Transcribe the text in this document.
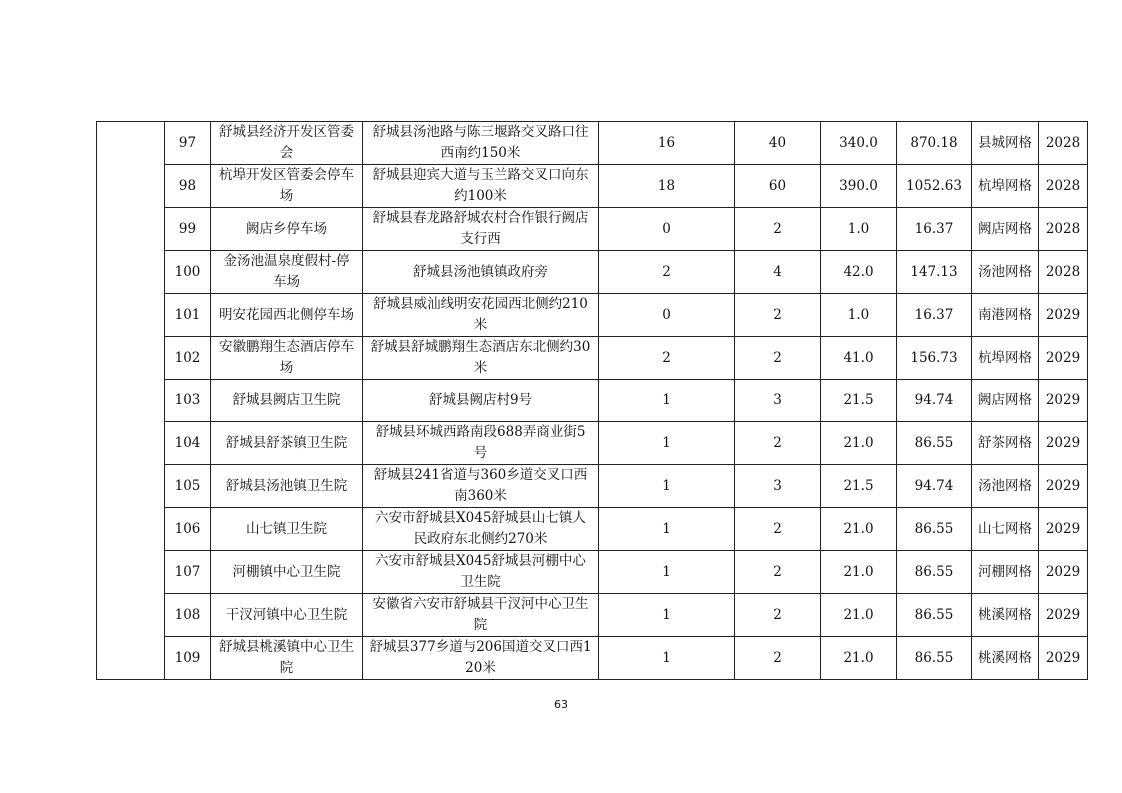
	97	舒城县经济开发区管委会	舒城县汤池路与陈三堰路交叉路口往西南约150米	16	40	340.0	870.18	县城网格	2028
	98	杭埠开发区管委会停车场	舒城县迎宾大道与玉兰路交叉口向东约100米	18	60	390.0	1052.63	杭埠网格	2028
	99	阙店乡停车场	舒城县春龙路舒城农村合作银行阙店支行西	0	2	1.0	16.37	阙店网格	2028
	100	金汤池温泉度假村-停车场	舒城县汤池镇镇政府旁	2	4	42.0	147.13	汤池网格	2028
	101	明安花园西北侧停车场	舒城县威汕线明安花园西北侧约210米	0	2	1.0	16.37	南港网格	2029
	102	安徽鹏翔生态酒店停车场	舒城县舒城鹏翔生态酒店东北侧约30米	2	2	41.0	156.73	杭埠网格	2029
	103	舒城县阙店卫生院	舒城县阙店村9号	1	3	21.5	94.74	阙店网格	2029
	104	舒城县舒茶镇卫生院	舒城县环城西路南段688弄商业街5号	1	2	21.0	86.55	舒茶网格	2029
	105	舒城县汤池镇卫生院	舒城县241省道与360乡道交叉口西南360米	1	3	21.5	94.74	汤池网格	2029
	106	山七镇卫生院	六安市舒城县X045舒城县山七镇人民政府东北侧约270米	1	2	21.0	86.55	山七网格	2029
	107	河棚镇中心卫生院	六安市舒城县X045舒城县河棚中心卫生院	1	2	21.0	86.55	河棚网格	2029
	108	干汊河镇中心卫生院	安徽省六安市舒城县干汊河中心卫生院	1	2	21.0	86.55	桃溪网格	2029
	109	舒城县桃溪镇中心卫生院	舒城县377乡道与206国道交叉口西120米	1	2	21.0	86.55	桃溪网格	2029
63
